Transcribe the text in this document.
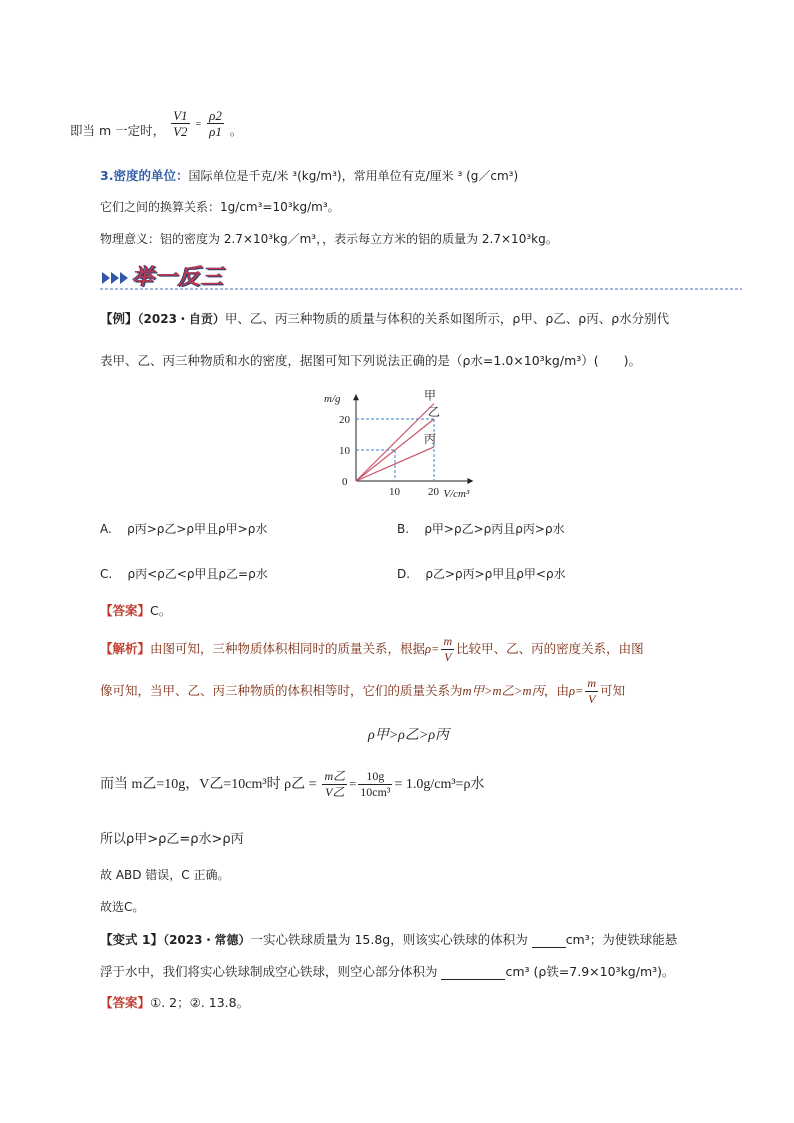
即当 m 一定时， $\frac{V1}{V2} = \frac{\rho 2}{\rho 1}$ 。
3.密度的单位：国际单位是千克/米 ³(kg/m³)，常用单位有克/厘米 ³ (g／cm³)
它们之间的换算关系：1g/cm³=10³kg/m³。
物理意义：铝的密度为 2.7×10³kg／m³，，表示每立方米的铝的质量为 2.7×10³kg。
举一反三
【例】（2023・自贡）甲、乙、丙三种物质的质量与体积的关系如图所示，ρ甲、ρ乙、ρ丙、ρ水分别代
表甲、乙、丙三种物质和水的密度，据图可知下列说法正确的是（ρ水=1.0×10³kg/m³）(　　)。
甲
乙
丙
10	20
10
20
0
V/cm³
m/g
A. ρ丙>ρ乙>ρ甲且ρ甲>ρ水	B. ρ甲>ρ乙>ρ丙且ρ丙>ρ水
C. ρ丙<ρ乙<ρ甲且ρ乙=ρ水	D. ρ乙>ρ丙>ρ甲且ρ甲<ρ水
【答案】C。
【解析】由图可知，三种物质体积相同时的质量关系，根据$\rho= \frac{m}{V}$ 比较甲、乙、丙的密度关系，由图
像可知，当甲、乙、丙三种物质的体积相等时，它们的质量关系为m甲>m乙>m丙，由$\rho= \frac{m}{V}$ 可知
ρ甲>ρ乙>ρ丙
而当 m乙=10g，V乙=10cm³时 ρ乙 = $\frac{\text{m乙}}{\text{V乙}} = \frac{10g}{\text{10cm³}} = 1.0g/cm^3=\rho$水
所以ρ甲>ρ乙=ρ水>ρ丙
故 ABD 错误，C 正确。
故选C。
【变式 1】（2023・常德）一实心铁球质量为 15.8g，则该实心铁球的体积为	cm³；为使铁球能悬
浮于水中，我们将实心铁球制成空心铁球，则空心部分体积为	cm³ (ρ铁=7.9×10³kg/m³)。
【答案】①. 2；②. 13.8。
